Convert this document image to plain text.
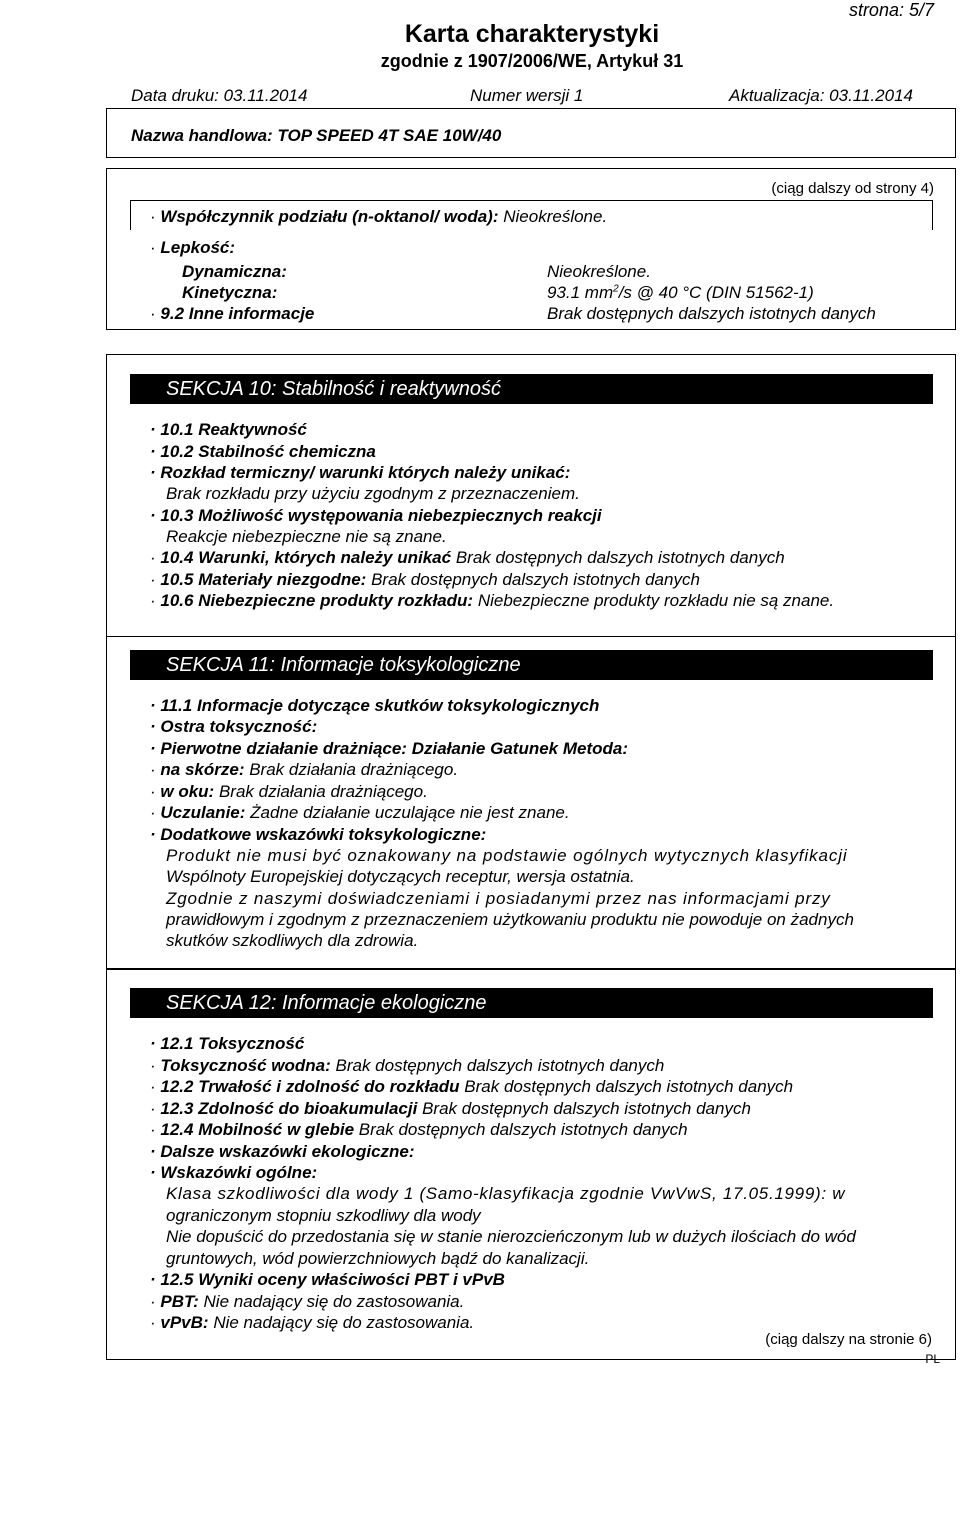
strona: 5/7
Karta charakterystyki
zgodnie z 1907/2006/WE, Artykuł 31
Data druku: 03.11.2014	Numer wersji 1	Aktualizacja: 03.11.2014
Nazwa handlowa: TOP SPEED 4T SAE 10W/40
(ciąg dalszy od strony 4)
· Współczynnik podziału (n-oktanol/ woda): Nieokreślone.
· Lepkość:
Dynamiczna:	Nieokreślone.
Kinetyczna:	93.1 $mm^2/s$ @ 40 °C (DIN 51562-1)
· 9.2 Inne informacje	Brak dostępnych dalszych istotnych danych
SEKCJA 10: Stabilność i reaktywność
· 10.1 Reaktywność
· 10.2 Stabilność chemiczna
· Rozkład termiczny/ warunki których należy unikać:
Brak rozkładu przy użyciu zgodnym z przeznaczeniem.
· 10.3 Możliwość występowania niebezpiecznych reakcji
Reakcje niebezpieczne nie są znane.
· 10.4 Warunki, których należy unikać Brak dostępnych dalszych istotnych danych
· 10.5 Materiały niezgodne: Brak dostępnych dalszych istotnych danych
· 10.6 Niebezpieczne produkty rozkładu: Niebezpieczne produkty rozkładu nie są znane.
SEKCJA 11: Informacje toksykologiczne
· 11.1 Informacje dotyczące skutków toksykologicznych
· Ostra toksyczność:
· Pierwotne działanie drażniące: Działanie Gatunek Metoda:
· na skórze: Brak działania drażniącego.
· w oku: Brak działania drażniącego.
· Uczulanie: Żadne działanie uczulające nie jest znane.
· Dodatkowe wskazówki toksykologiczne:
Produkt nie musi być oznakowany na podstawie ogólnych wytycznych klasyfikacji
Wspólnoty Europejskiej dotyczących receptur, wersja ostatnia.
Zgodnie z naszymi doświadczeniami i posiadanymi przez nas informacjami przy
prawidłowym i zgodnym z przeznaczeniem użytkowaniu produktu nie powoduje on żadnych
skutków szkodliwych dla zdrowia.
SEKCJA 12: Informacje ekologiczne
· 12.1 Toksyczność
· Toksyczność wodna: Brak dostępnych dalszych istotnych danych
· 12.2 Trwałość i zdolność do rozkładu Brak dostępnych dalszych istotnych danych
· 12.3 Zdolność do bioakumulacji Brak dostępnych dalszych istotnych danych
· 12.4 Mobilność w glebie Brak dostępnych dalszych istotnych danych
· Dalsze wskazówki ekologiczne:
· Wskazówki ogólne:
Klasa szkodliwości dla wody 1 (Samo-klasyfikacja zgodnie VwVwS, 17.05.1999): w
ograniczonym stopniu szkodliwy dla wody
Nie dopuścić do przedostania się w stanie nierozcieńczonym lub w dużych ilościach do wód
gruntowych, wód powierzchniowych bądź do kanalizacji.
· 12.5 Wyniki oceny właściwości PBT i vPvB
· PBT: Nie nadający się do zastosowania.
· vPvB: Nie nadający się do zastosowania.
(ciąg dalszy na stronie 6)
PL
